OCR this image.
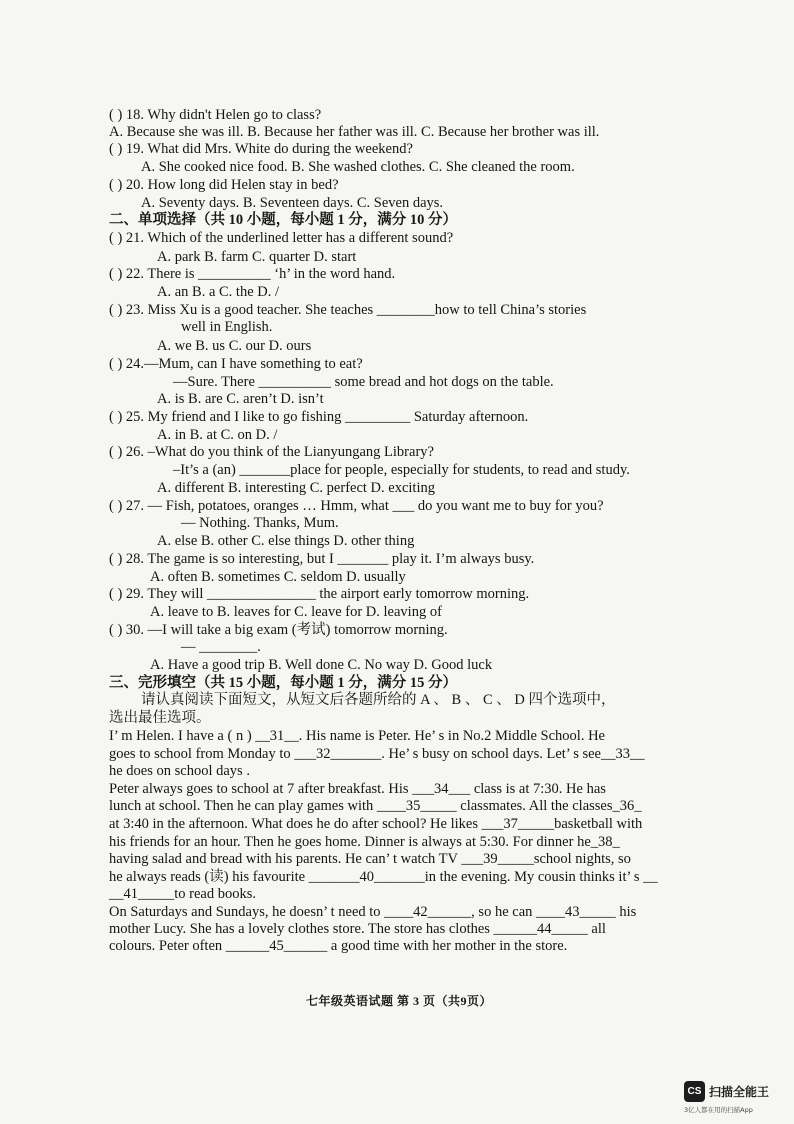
( ) 18. Why didn't Helen go to class?
A. Because she was ill. B. Because her father was ill. C. Because her brother was ill.
( ) 19. What did Mrs. White do during the weekend?
A. She cooked nice food. B. She washed clothes. C. She cleaned the room.
( ) 20. How long did Helen stay in bed?
A. Seventy days. B. Seventeen days. C. Seven days.
二、单项选择（共 10 小题，每小题 1 分，满分 10 分）
( ) 21. Which of the underlined letter has a different sound?
A. park B. farm C. quarter D. start
( ) 22. There is __________ ‘h’ in the word hand.
A. an B. a C. the D. /
( ) 23. Miss Xu is a good teacher. She teaches ________how to tell China’s stories
well in English.
A. we B. us C. our D. ours
( ) 24.—Mum, can I have something to eat?
—Sure. There __________ some bread and hot dogs on the table.
A. is B. are C. aren’t D. isn’t
( ) 25. My friend and I like to go fishing _________ Saturday afternoon.
A. in B. at C. on D. /
( ) 26. –What do you think of the Lianyungang Library?
–It’s a (an) _______place for people, especially for students, to read and study.
A. different B. interesting C. perfect D. exciting
( ) 27. — Fish, potatoes, oranges … Hmm, what ___ do you want me to buy for you?
— Nothing. Thanks, Mum.
A. else B. other C. else things D. other thing
( ) 28. The game is so interesting, but I _______ play it. I’m always busy.
A. often B. sometimes C. seldom D. usually
( ) 29. They will _______________ the airport early tomorrow morning.
A. leave to B. leaves for C. leave for D. leaving of
( ) 30. —I will take a big exam (考试) tomorrow morning.
— ________.
A. Have a good trip B. Well done C. No way D. Good luck
三、完形填空（共 15 小题，每小题 1 分，满分 15 分）
请认真阅读下面短文，从短文后各题所给的 A 、 B 、 C 、 D 四个选项中，
选出最佳选项。
I’ m Helen. I have a ( n ) __31__. His name is Peter. He’ s in No.2 Middle School. He
goes to school from Monday to ___32_______. He’ s busy on school days. Let’ s see__33__
he does on school days .
Peter always goes to school at 7 after breakfast. His ___34___ class is at 7:30. He has
lunch at school. Then he can play games with ____35_____ classmates. All the classes_36_
at 3:40 in the afternoon. What does he do after school? He likes ___37_____basketball with
his friends for an hour. Then he goes home. Dinner is always at 5:30. For dinner he_38_
having salad and bread with his parents. He can’ t watch TV ___39_____school nights, so
he always reads (读) his favourite _______40_______in the evening. My cousin thinks it’ s __
__41_____to read books.
On Saturdays and Sundays, he doesn’ t need to ____42______, so he can ____43_____ his
mother Lucy. She has a lovely clothes store. The store has clothes ______44_____ all
colours. Peter often ______45______ a good time with her mother in the store.
七年级英语试题 第 3 页（共9页）
CS 扫描全能王
3亿人都在用的扫描App
